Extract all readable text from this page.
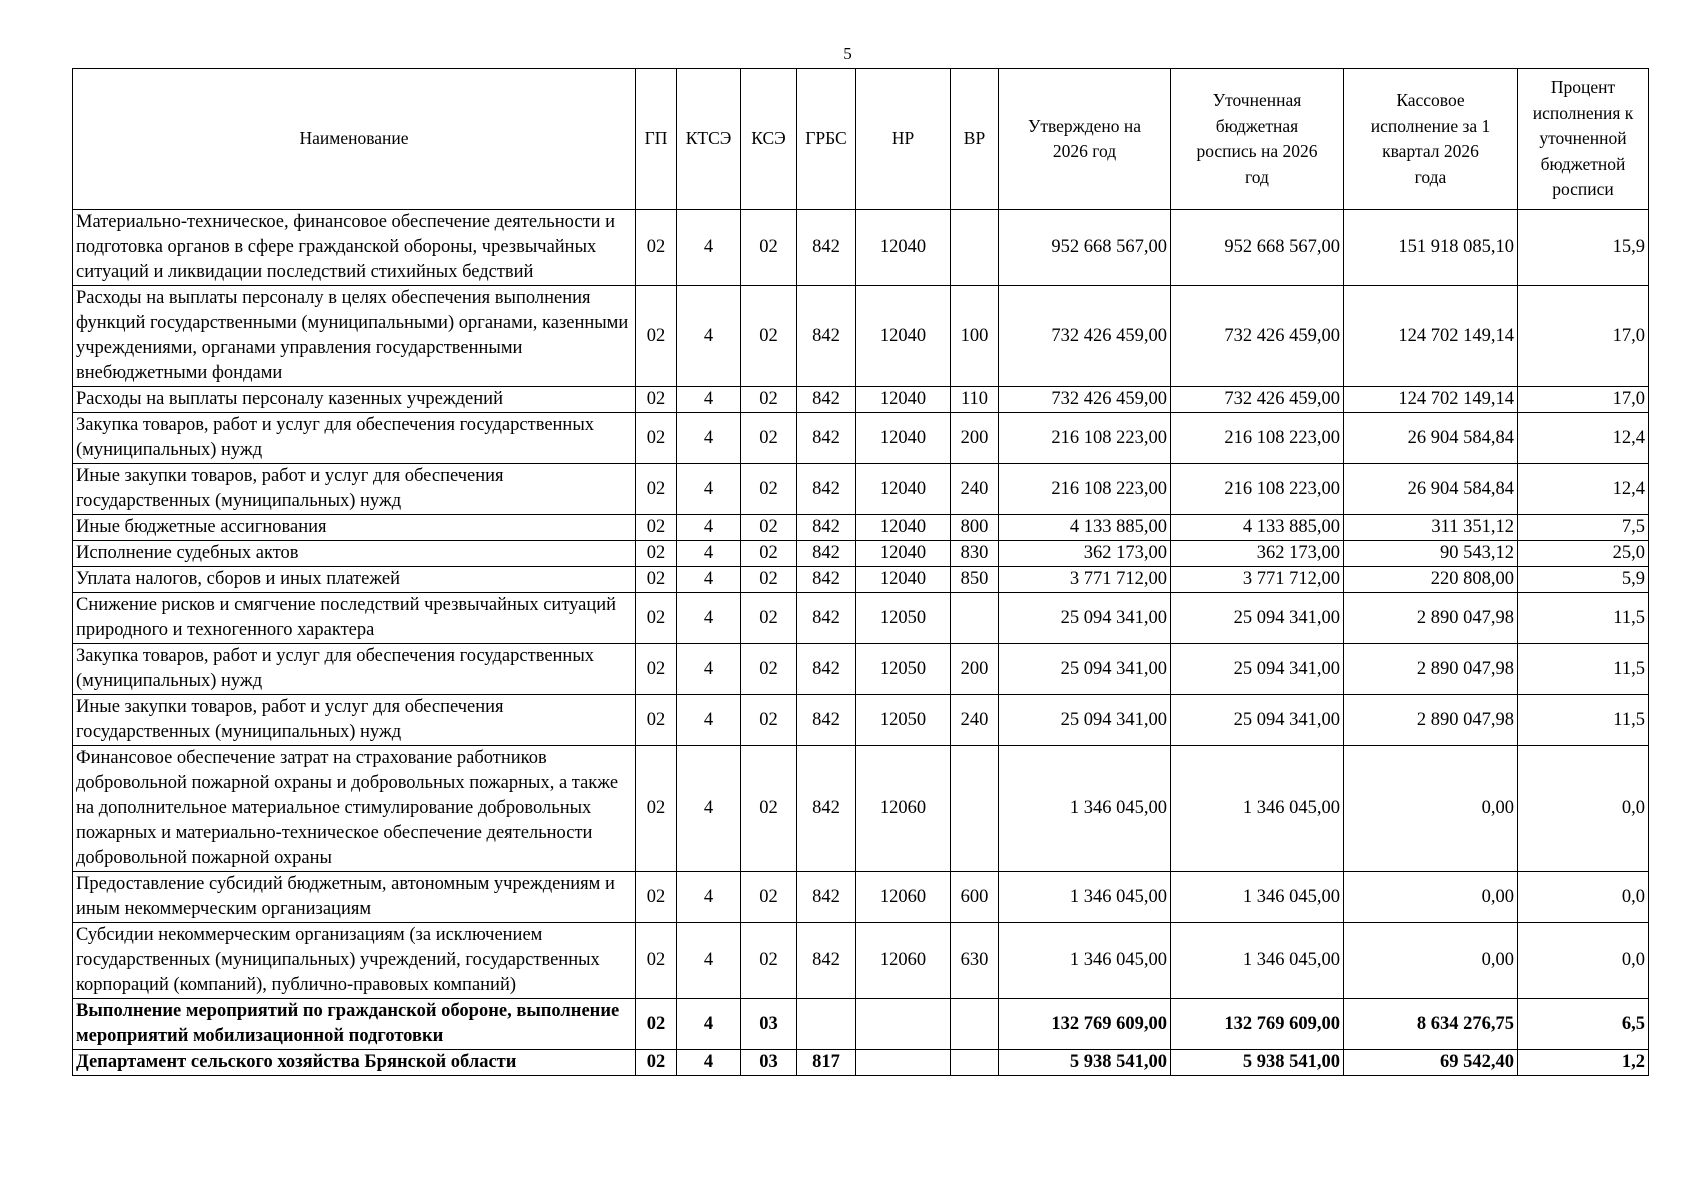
5
Наименование	ГП	КТСЭ	КСЭ	ГРБС	НР	ВР	Утверждено на 2026 год	Уточненная бюджетная роспись на 2026 год	Кассовое исполнение за 1 квартал 2026 года	Процент исполнения к уточненной бюджетной росписи
Материально-техническое, финансовое обеспечение деятельности и подготовка органов в сфере гражданской обороны, чрезвычайных ситуаций и ликвидации последствий стихийных бедствий	02	4	02	842	12040		952 668 567,00	952 668 567,00	151 918 085,10	15,9
Расходы на выплаты персоналу в целях обеспечения выполнения функций государственными (муниципальными) органами, казенными учреждениями, органами управления государственными внебюджетными фондами	02	4	02	842	12040	100	732 426 459,00	732 426 459,00	124 702 149,14	17,0
Расходы на выплаты персоналу казенных учреждений	02	4	02	842	12040	110	732 426 459,00	732 426 459,00	124 702 149,14	17,0
Закупка товаров, работ и услуг для обеспечения государственных (муниципальных) нужд	02	4	02	842	12040	200	216 108 223,00	216 108 223,00	26 904 584,84	12,4
Иные закупки товаров, работ и услуг для обеспечения государственных (муниципальных) нужд	02	4	02	842	12040	240	216 108 223,00	216 108 223,00	26 904 584,84	12,4
Иные бюджетные ассигнования	02	4	02	842	12040	800	4 133 885,00	4 133 885,00	311 351,12	7,5
Исполнение судебных актов	02	4	02	842	12040	830	362 173,00	362 173,00	90 543,12	25,0
Уплата налогов, сборов и иных платежей	02	4	02	842	12040	850	3 771 712,00	3 771 712,00	220 808,00	5,9
Снижение рисков и смягчение последствий чрезвычайных ситуаций природного и техногенного характера	02	4	02	842	12050		25 094 341,00	25 094 341,00	2 890 047,98	11,5
Закупка товаров, работ и услуг для обеспечения государственных (муниципальных) нужд	02	4	02	842	12050	200	25 094 341,00	25 094 341,00	2 890 047,98	11,5
Иные закупки товаров, работ и услуг для обеспечения государственных (муниципальных) нужд	02	4	02	842	12050	240	25 094 341,00	25 094 341,00	2 890 047,98	11,5
Финансовое обеспечение затрат на страхование работников добровольной пожарной охраны и добровольных пожарных, а также на дополнительное материальное стимулирование добровольных пожарных и материально-техническое обеспечение деятельности добровольной пожарной охраны	02	4	02	842	12060		1 346 045,00	1 346 045,00	0,00	0,0
Предоставление субсидий бюджетным, автономным учреждениям и иным некоммерческим организациям	02	4	02	842	12060	600	1 346 045,00	1 346 045,00	0,00	0,0
Субсидии некоммерческим организациям (за исключением государственных (муниципальных) учреждений, государственных корпораций (компаний), публично-правовых компаний)	02	4	02	842	12060	630	1 346 045,00	1 346 045,00	0,00	0,0
Выполнение мероприятий по гражданской обороне, выполнение мероприятий мобилизационной подготовки	02	4	03				132 769 609,00	132 769 609,00	8 634 276,75	6,5
Департамент сельского хозяйства Брянской области	02	4	03	817			5 938 541,00	5 938 541,00	69 542,40	1,2
